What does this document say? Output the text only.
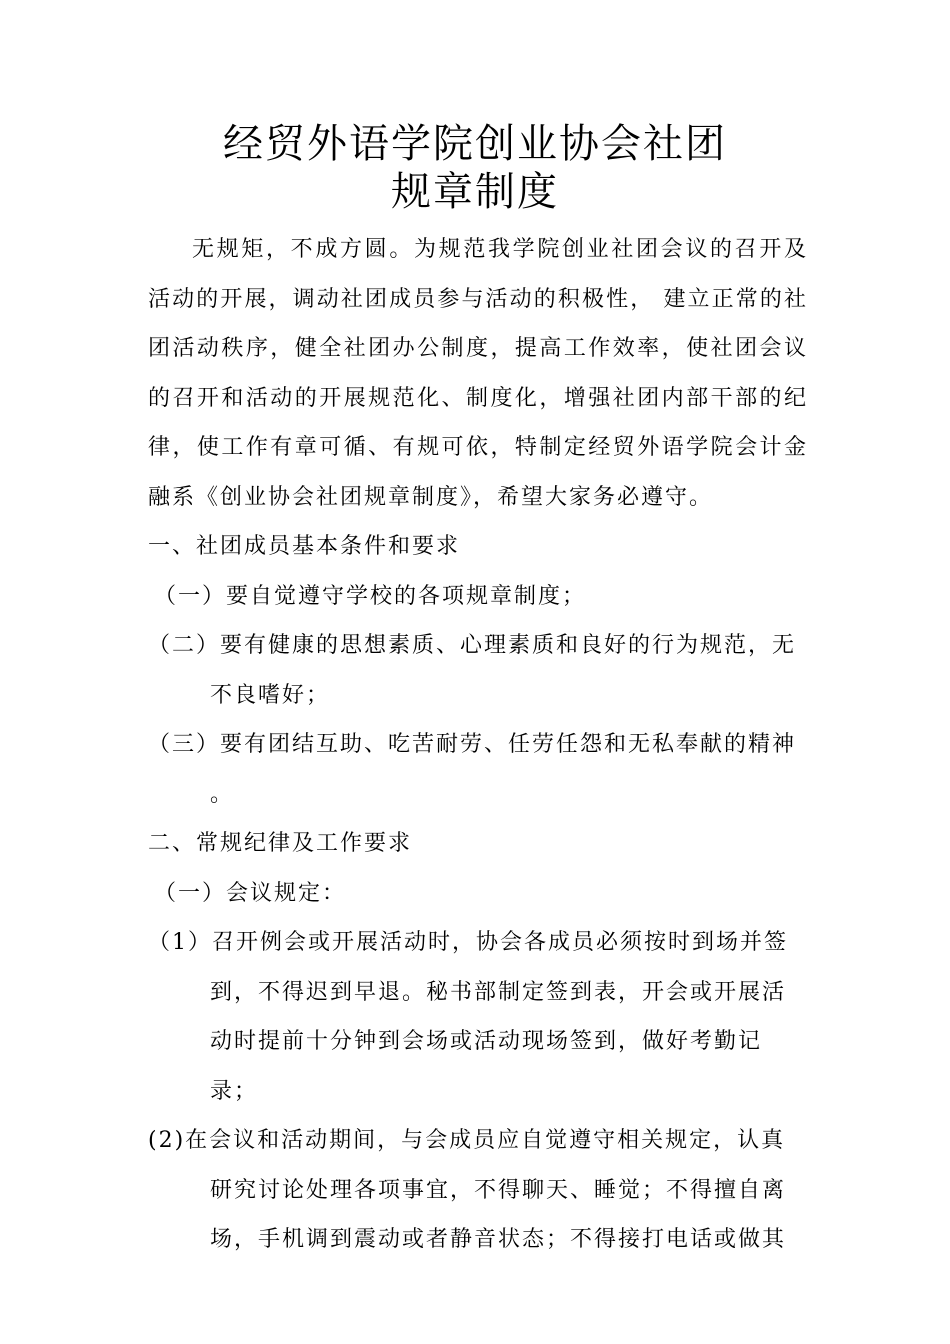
经贸外语学院创业协会社团
规章制度

无规矩，不成方圆。为规范我学院创业社团会议的召开及活动的开展，调动社团成员参与活动的积极性， 建立正常的社团活动秩序，健全社团办公制度，提高工作效率，使社团会议的召开和活动的开展规范化、制度化，增强社团内部干部的纪律，使工作有章可循、有规可依，特制定经贸外语学院会计金融系《创业协会社团规章制度》，希望大家务必遵守。

一、社团成员基本条件和要求

（一）要自觉遵守学校的各项规章制度；

（二）要有健康的思想素质、心理素质和良好的行为规范，无不良嗜好；

（三）要有团结互助、吃苦耐劳、任劳任怨和无私奉献的精神 。

二、常规纪律及工作要求

（一）会议规定：

（1）召开例会或开展活动时，协会各成员必须按时到场并签到，不得迟到早退。秘书部制定签到表，开会或开展活动时提前十分钟到会场或活动现场签到，做好考勤记录；

(2)在会议和活动期间，与会成员应自觉遵守相关规定，认真研究讨论处理各项事宜，不得聊天、睡觉；不得擅自离场，手机调到震动或者静音状态；不得接打电话或做其
